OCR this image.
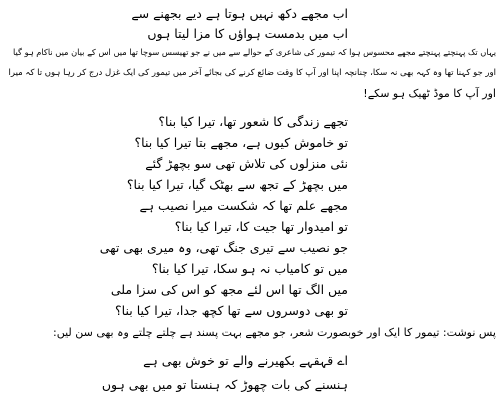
اب مجھے دکھ نہیں ہوتا ہے دیے بجھنے سے
اب میں بدمست ہواؤں کا مزا لیتا ہوں
یہاں تک پہنچتے پہنچتے مجھے محسوس ہوا کہ تیمور کی شاعری کے حوالے سے میں نے جو تھیسس سوچا تھا میں اس کے بیان میں ناکام ہو گیا
اور جو کہنا تھا وہ کہہ بھی نہ سکا، چنانچہ اپنا اور آپ کا وقت ضائع کرنے کی بجائے آخر میں تیمور کی ایک غزل درج کر رہا ہوں تا کہ میرا
اور آپ کا موڈ ٹھیک ہو سکے!
تجھے زندگی کا شعور تھا، تیرا کیا بنا؟
تو خاموش کیوں ہے، مجھے بتا تیرا کیا بنا؟
نئی منزلوں کی تلاش تھی سو بچھڑ گئے
میں بچھڑ کے تجھ سے بھٹک گیا، تیرا کیا بنا؟
مجھے علم تھا کہ شکست میرا نصیب ہے
تو امیدوار تھا جیت کا، تیرا کیا بنا؟
جو نصیب سے تیری جنگ تھی، وہ میری بھی تھی
میں تو کامیاب نہ ہو سکا، تیرا کیا بنا؟
میں الگ تھا اس لئے مجھ کو اس کی سزا ملی
تو بھی دوسروں سے تھا کچھ جدا، تیرا کیا بنا؟
پس نوشت: تیمور کا ایک اور خوبصورت شعر، جو مجھے بہت پسند ہے چلتے چلتے وہ بھی سن لیں:
اے قہقہے بکھیرنے والے تو خوش بھی ہے
ہنسنے کی بات چھوڑ کہ ہنستا تو میں بھی ہوں
